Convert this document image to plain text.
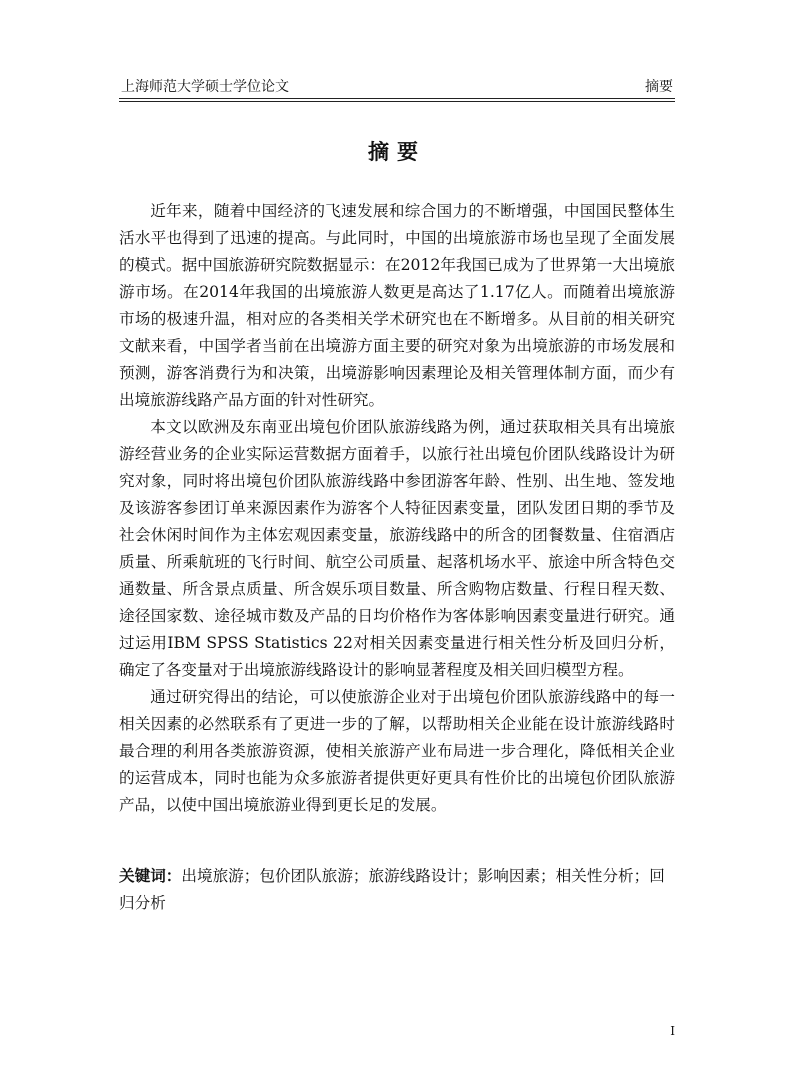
上海师范大学硕士学位论文	摘要
摘要

近年来，随着中国经济的飞速发展和综合国力的不断增强，中国国民整体生活水平也得到了迅速的提高。与此同时，中国的出境旅游市场也呈现了全面发展的模式。据中国旅游研究院数据显示：在2012年我国已成为了世界第一大出境旅游市场。在2014年我国的出境旅游人数更是高达了1.17亿人。而随着出境旅游市场的极速升温，相对应的各类相关学术研究也在不断增多。从目前的相关研究文献来看，中国学者当前在出境游方面主要的研究对象为出境旅游的市场发展和预测，游客消费行为和决策，出境游影响因素理论及相关管理体制方面，而少有出境旅游线路产品方面的针对性研究。

本文以欧洲及东南亚出境包价团队旅游线路为例，通过获取相关具有出境旅游经营业务的企业实际运营数据方面着手，以旅行社出境包价团队线路设计为研究对象，同时将出境包价团队旅游线路中参团游客年龄、性别、出生地、签发地及该游客参团订单来源因素作为游客个人特征因素变量，团队发团日期的季节及社会休闲时间作为主体宏观因素变量，旅游线路中的所含的团餐数量、住宿酒店质量、所乘航班的飞行时间、航空公司质量、起落机场水平、旅途中所含特色交通数量、所含景点质量、所含娱乐项目数量、所含购物店数量、行程日程天数、途径国家数、途径城市数及产品的日均价格作为客体影响因素变量进行研究。通过运用IBM SPSS Statistics 22对相关因素变量进行相关性分析及回归分析，确定了各变量对于出境旅游线路设计的影响显著程度及相关回归模型方程。

通过研究得出的结论，可以使旅游企业对于出境包价团队旅游线路中的每一相关因素的必然联系有了更进一步的了解，以帮助相关企业能在设计旅游线路时最合理的利用各类旅游资源，使相关旅游产业布局进一步合理化，降低相关企业的运营成本，同时也能为众多旅游者提供更好更具有性价比的出境包价团队旅游产品，以使中国出境旅游业得到更长足的发展。

关键词：出境旅游；包价团队旅游；旅游线路设计；影响因素；相关性分析；回归分析
I
